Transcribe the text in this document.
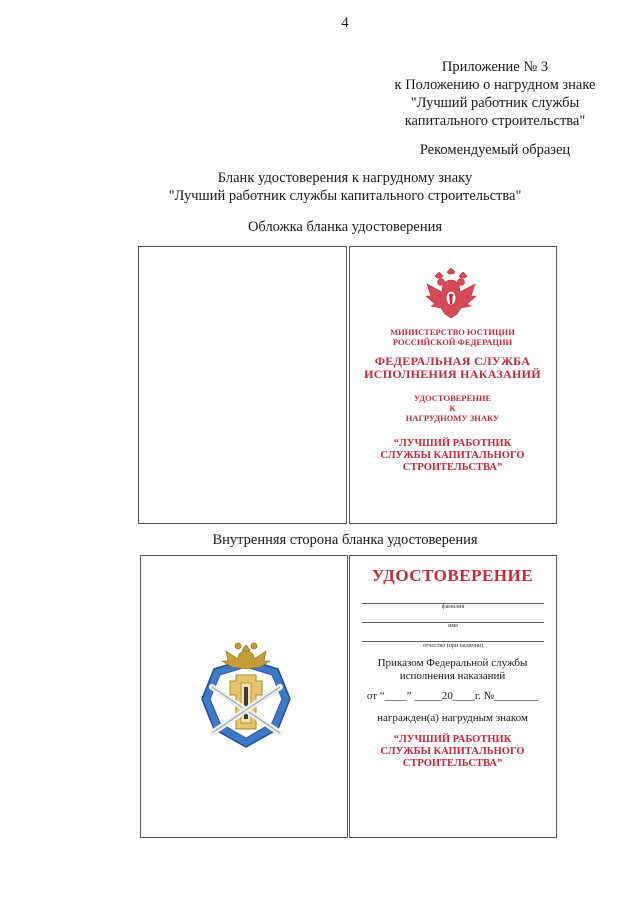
4
Приложение № 3
к Положению о нагрудном знаке
"Лучший работник службы
капитального строительства"
Рекомендуемый образец
Бланк удостоверения к нагрудному знаку
"Лучший работник службы капитального строительства"
Обложка бланка удостоверения
МИНИСТЕРСТВО ЮСТИЦИИ
РОССИЙСКОЙ ФЕДЕРАЦИИ
ФЕДЕРАЛЬНАЯ СЛУЖБА
ИСПОЛНЕНИЯ НАКАЗАНИЙ
УДОСТОВЕРЕНИЕ
К
НАГРУДНОМУ ЗНАКУ
“ЛУЧШИЙ РАБОТНИК
СЛУЖБЫ КАПИТАЛЬНОГО
СТРОИТЕЛЬСТВА”
Внутренняя сторона бланка удостоверения
УДОСТОВЕРЕНИЕ
фамилия
имя
отчество (при наличии)
Приказом Федеральной службы
исполнения наказаний
от “____” _____20____г. №________
награжден(а) нагрудным знаком
“ЛУЧШИЙ РАБОТНИК
СЛУЖБЫ КАПИТАЛЬНОГО
СТРОИТЕЛЬСТВА”
